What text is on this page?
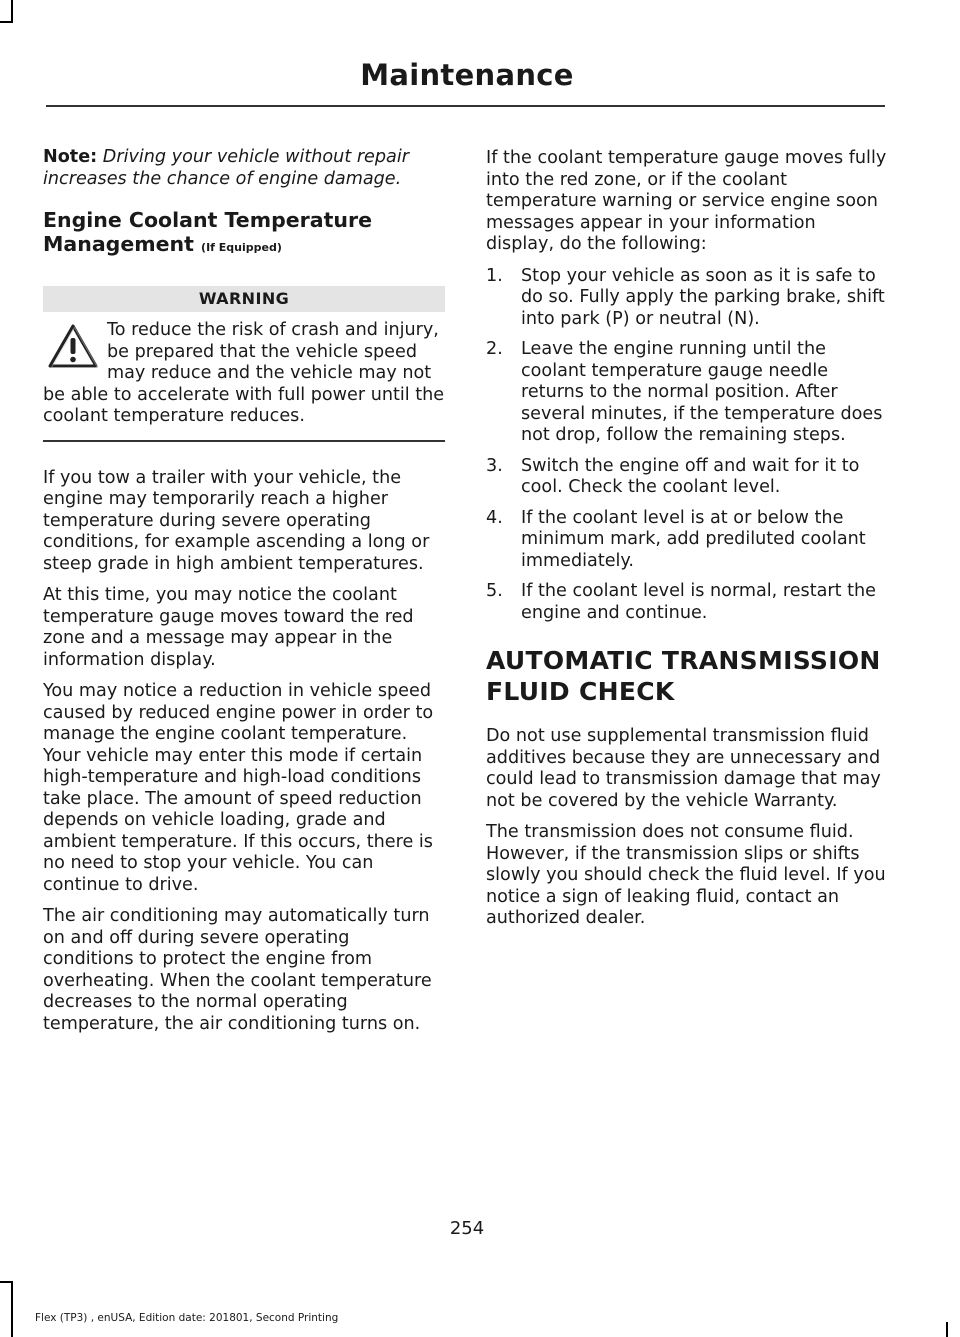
Maintenance

Note: Driving your vehicle without repair increases the chance of engine damage.

Engine Coolant Temperature Management (If Equipped)
WARNING
To reduce the risk of crash and injury, be prepared that the vehicle speed may reduce and the vehicle may not be able to accelerate with full power until the coolant temperature reduces.

If you tow a trailer with your vehicle, the engine may temporarily reach a higher temperature during severe operating conditions, for example ascending a long or steep grade in high ambient temperatures.

At this time, you may notice the coolant temperature gauge moves toward the red zone and a message may appear in the information display.

You may notice a reduction in vehicle speed caused by reduced engine power in order to manage the engine coolant temperature. Your vehicle may enter this mode if certain high-temperature and high-load conditions take place. The amount of speed reduction depends on vehicle loading, grade and ambient temperature. If this occurs, there is no need to stop your vehicle. You can continue to drive.

The air conditioning may automatically turn on and off during severe operating conditions to protect the engine from overheating. When the coolant temperature decreases to the normal operating temperature, the air conditioning turns on.

If the coolant temperature gauge moves fully into the red zone, or if the coolant temperature warning or service engine soon messages appear in your information display, do the following:

1. Stop your vehicle as soon as it is safe to do so. Fully apply the parking brake, shift into park (P) or neutral (N).
2. Leave the engine running until the coolant temperature gauge needle returns to the normal position. After several minutes, if the temperature does not drop, follow the remaining steps.
3. Switch the engine off and wait for it to cool. Check the coolant level.
4. If the coolant level is at or below the minimum mark, add prediluted coolant immediately.
5. If the coolant level is normal, restart the engine and continue.
AUTOMATIC TRANSMISSION
FLUID CHECK

Do not use supplemental transmission fluid additives because they are unnecessary and could lead to transmission damage that may not be covered by the vehicle Warranty.

The transmission does not consume fluid. However, if the transmission slips or shifts slowly you should check the fluid level. If you notice a sign of leaking fluid, contact an authorized dealer.

254
Flex (TP3) , enUSA, Edition date: 201801, Second Printing
